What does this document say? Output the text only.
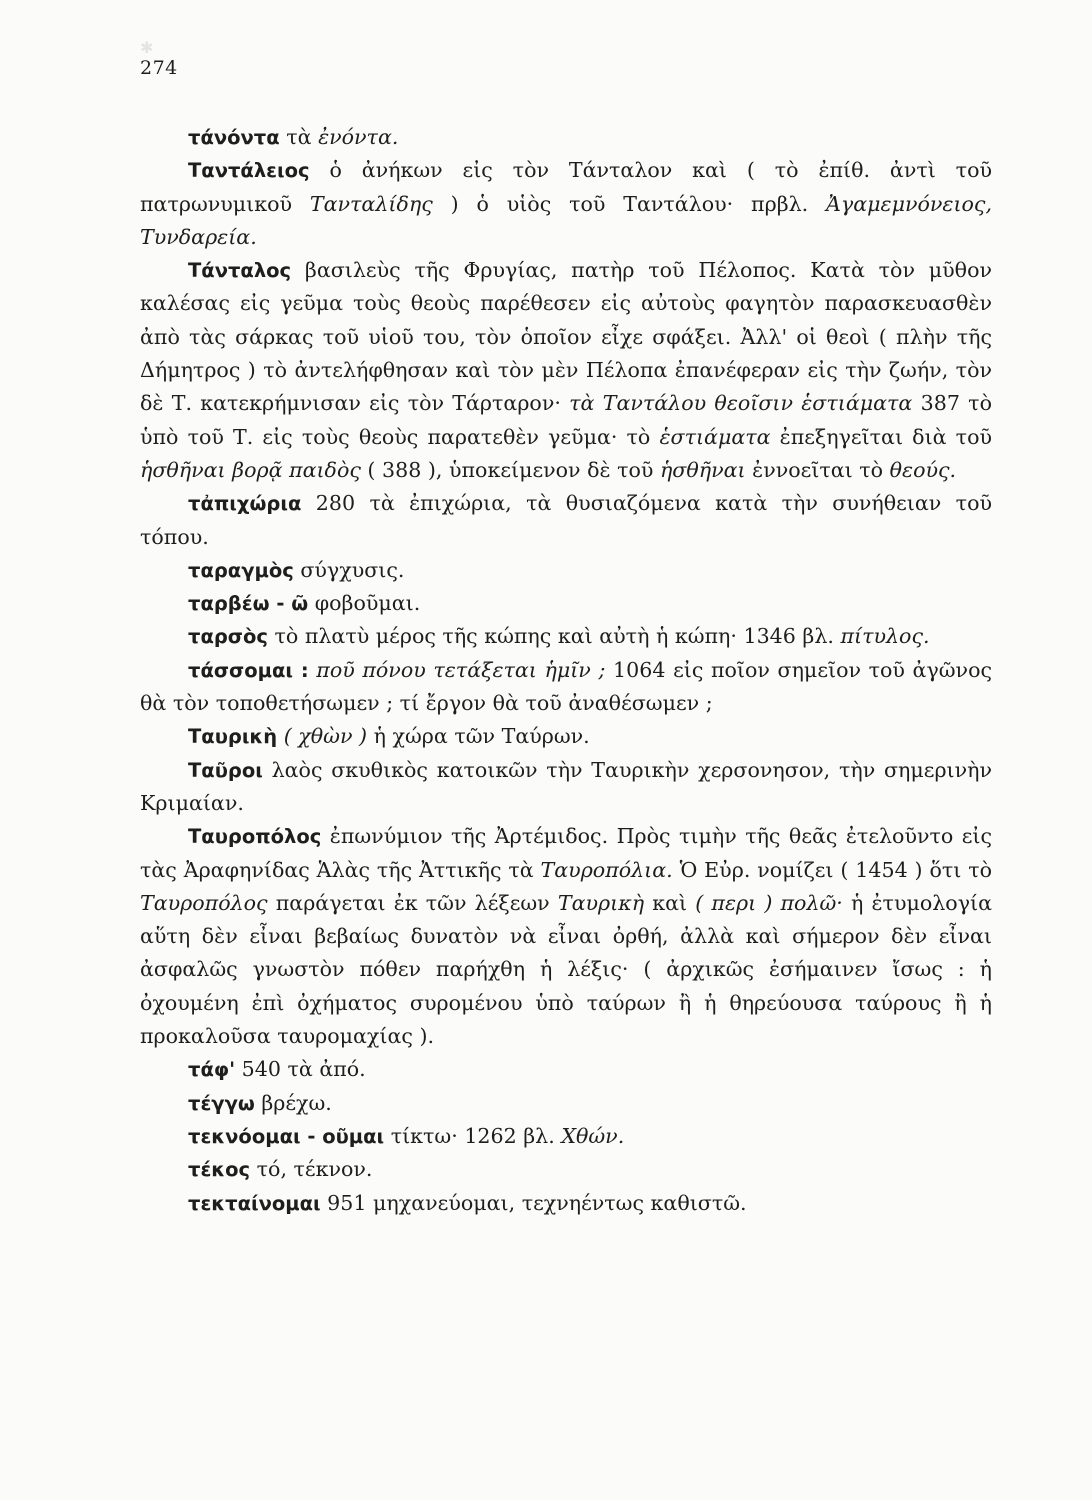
✱
274

τάνόντα τὰ ἐνόντα.

Ταντάλειος ὁ ἀνήκων εἰς τὸν Τάνταλον καὶ ( τὸ ἐπίθ. ἀντὶ τοῦ πατρωνυμικοῦ Τανταλίδης ) ὁ υἱὸς τοῦ Ταντάλου· πρβλ. Ἀγαμεμνόνειος, Τυνδαρεία.

Τάνταλος βασιλεὺς τῆς Φρυγίας, πατὴρ τοῦ Πέλοπος. Κατὰ τὸν μῦθον καλέσας εἰς γεῦμα τοὺς θεοὺς παρέθεσεν εἰς αὐτοὺς φαγητὸν παρασκευασθὲν ἀπὸ τὰς σάρκας τοῦ υἱοῦ του, τὸν ὁποῖον εἶχε σφάξει. Ἀλλ' οἱ θεοὶ ( πλὴν τῆς Δήμητρος ) τὸ ἀντελήφθησαν καὶ τὸν μὲν Πέλοπα ἐπανέφεραν εἰς τὴν ζωήν, τὸν δὲ Τ. κατεκρήμνισαν εἰς τὸν Τάρταρον· τὰ Ταντάλου θεοῖσιν ἑστιάματα 387 τὸ ὑπὸ τοῦ Τ. εἰς τοὺς θεοὺς παρατεθὲν γεῦμα· τὸ ἑστιάματα ἐπεξηγεῖται διὰ τοῦ ἡσθῆναι βορᾷ παιδὸς ( 388 ), ὑποκείμενον δὲ τοῦ ἡσθῆναι ἐννοεῖται τὸ θεούς.

τἀπιχώρια 280 τὰ ἐπιχώρια, τὰ θυσιαζόμενα κατὰ τὴν συνήθειαν τοῦ τόπου.

ταραγμὸς σύγχυσις.

ταρβέω - ῶ φοβοῦμαι.

ταρσὸς τὸ πλατὺ μέρος τῆς κώπης καὶ αὐτὴ ἡ κώπη· 1346 βλ. πίτυλος.

τάσσομαι : ποῦ πόνου τετάξεται ἡμῖν ; 1064 εἰς ποῖον σημεῖον τοῦ ἀγῶνος θὰ τὸν τοποθετήσωμεν ; τί ἔργον θὰ τοῦ ἀναθέσωμεν ;

Ταυρικὴ ( χθὼν ) ἡ χώρα τῶν Ταύρων.

Ταῦροι λαὸς σκυθικὸς κατοικῶν τὴν Ταυρικὴν χερσονησον, τὴν σημερινὴν Κριμαίαν.

Ταυροπόλος ἐπωνύμιον τῆς Ἀρτέμιδος. Πρὸς τιμὴν τῆς θεᾶς ἐτελοῦντο εἰς τὰς Ἀραφηνίδας Ἁλὰς τῆς Ἀττικῆς τὰ Ταυροπόλια. Ὁ Εὐρ. νομίζει ( 1454 ) ὅτι τὸ Ταυροπόλος παράγεται ἐκ τῶν λέξεων Ταυρικὴ καὶ ( περι ) πολῶ· ἡ ἐτυμολογία αὕτη δὲν εἶναι βεβαίως δυνατὸν νὰ εἶναι ὀρθή, ἀλλὰ καὶ σήμερον δὲν εἶναι ἀσφαλῶς γνωστὸν πόθεν παρήχθη ἡ λέξις· ( ἀρχικῶς ἐσήμαινεν ἴσως : ἡ ὀχουμένη ἐπὶ ὀχήματος συρομένου ὑπὸ ταύρων ἢ ἡ θηρεύουσα ταύρους ἢ ἡ προκαλοῦσα ταυρομαχίας ).

τάφ' 540 τὰ ἀπό.

τέγγω βρέχω.

τεκνόομαι - οῦμαι τίκτω· 1262 βλ. Χθών.

τέκος τό, τέκνον.

τεκταίνομαι 951 μηχανεύομαι, τεχνηέντως καθιστῶ.
